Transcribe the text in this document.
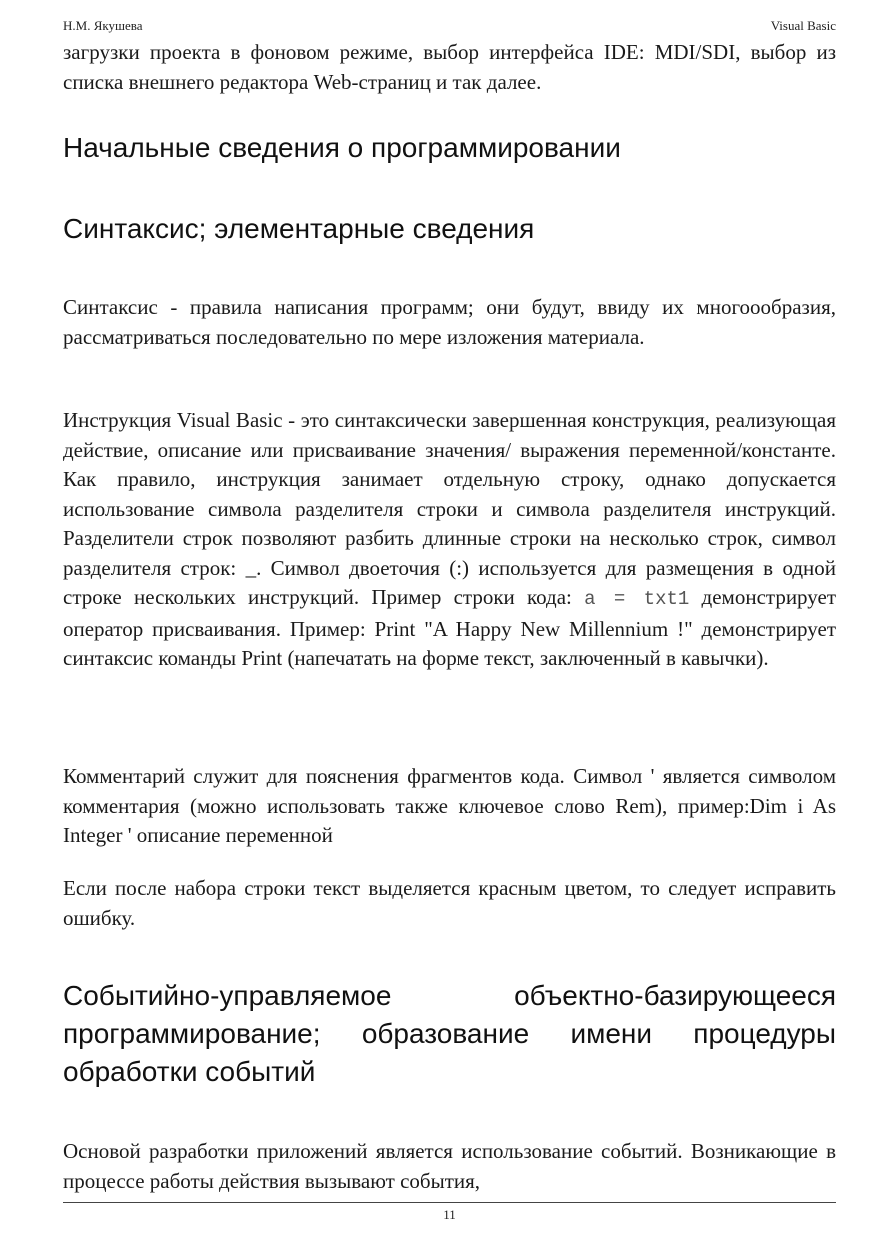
Н.М. Якушева	Visual Basic

загрузки проекта в фоновом режиме, выбор интерфейса IDE: MDI/SDI, выбор из списка внешнего редактора Web-страниц и так далее.

Начальные сведения о программировании
Синтаксис; элементарные сведения

Синтаксис - правила написания программ; они будут, ввиду их многоообразия, рассматриваться последовательно по мере изложения материала.

Инструкция Visual Basic - это синтаксически завершенная конструкция, реализующая действие, описание или присваивание значения/ выражения переменной/константе. Как правило, инструкция занимает отдельную строку, однако допускается использование символа разделителя строки и символа разделителя инструкций. Разделители строк позволяют разбить длинные строки на несколько строк, символ разделителя строк: _. Символ двоеточия (:) используется для размещения в одной строке нескольких инструкций. Пример строки кода: a = txt1 демонстрирует оператор присваивания. Пример: Print "A Happy New Millennium !" демонстрирует синтаксис команды Print (напечатать на форме текст, заключенный в кавычки).

Комментарий служит для пояснения фрагментов кода. Символ ' является символом комментария (можно использовать также ключевое слово Rem), пример:Dim i As Integer ' описание переменной

Если после набора строки текст выделяется красным цветом, то следует исправить ошибку.

Событийно-управляемое объектно-базирующееся программирование; образование имени процедуры обработки событий

Основой разработки приложений является использование событий. Возникающие в процессе работы действия вызывают события,

11
